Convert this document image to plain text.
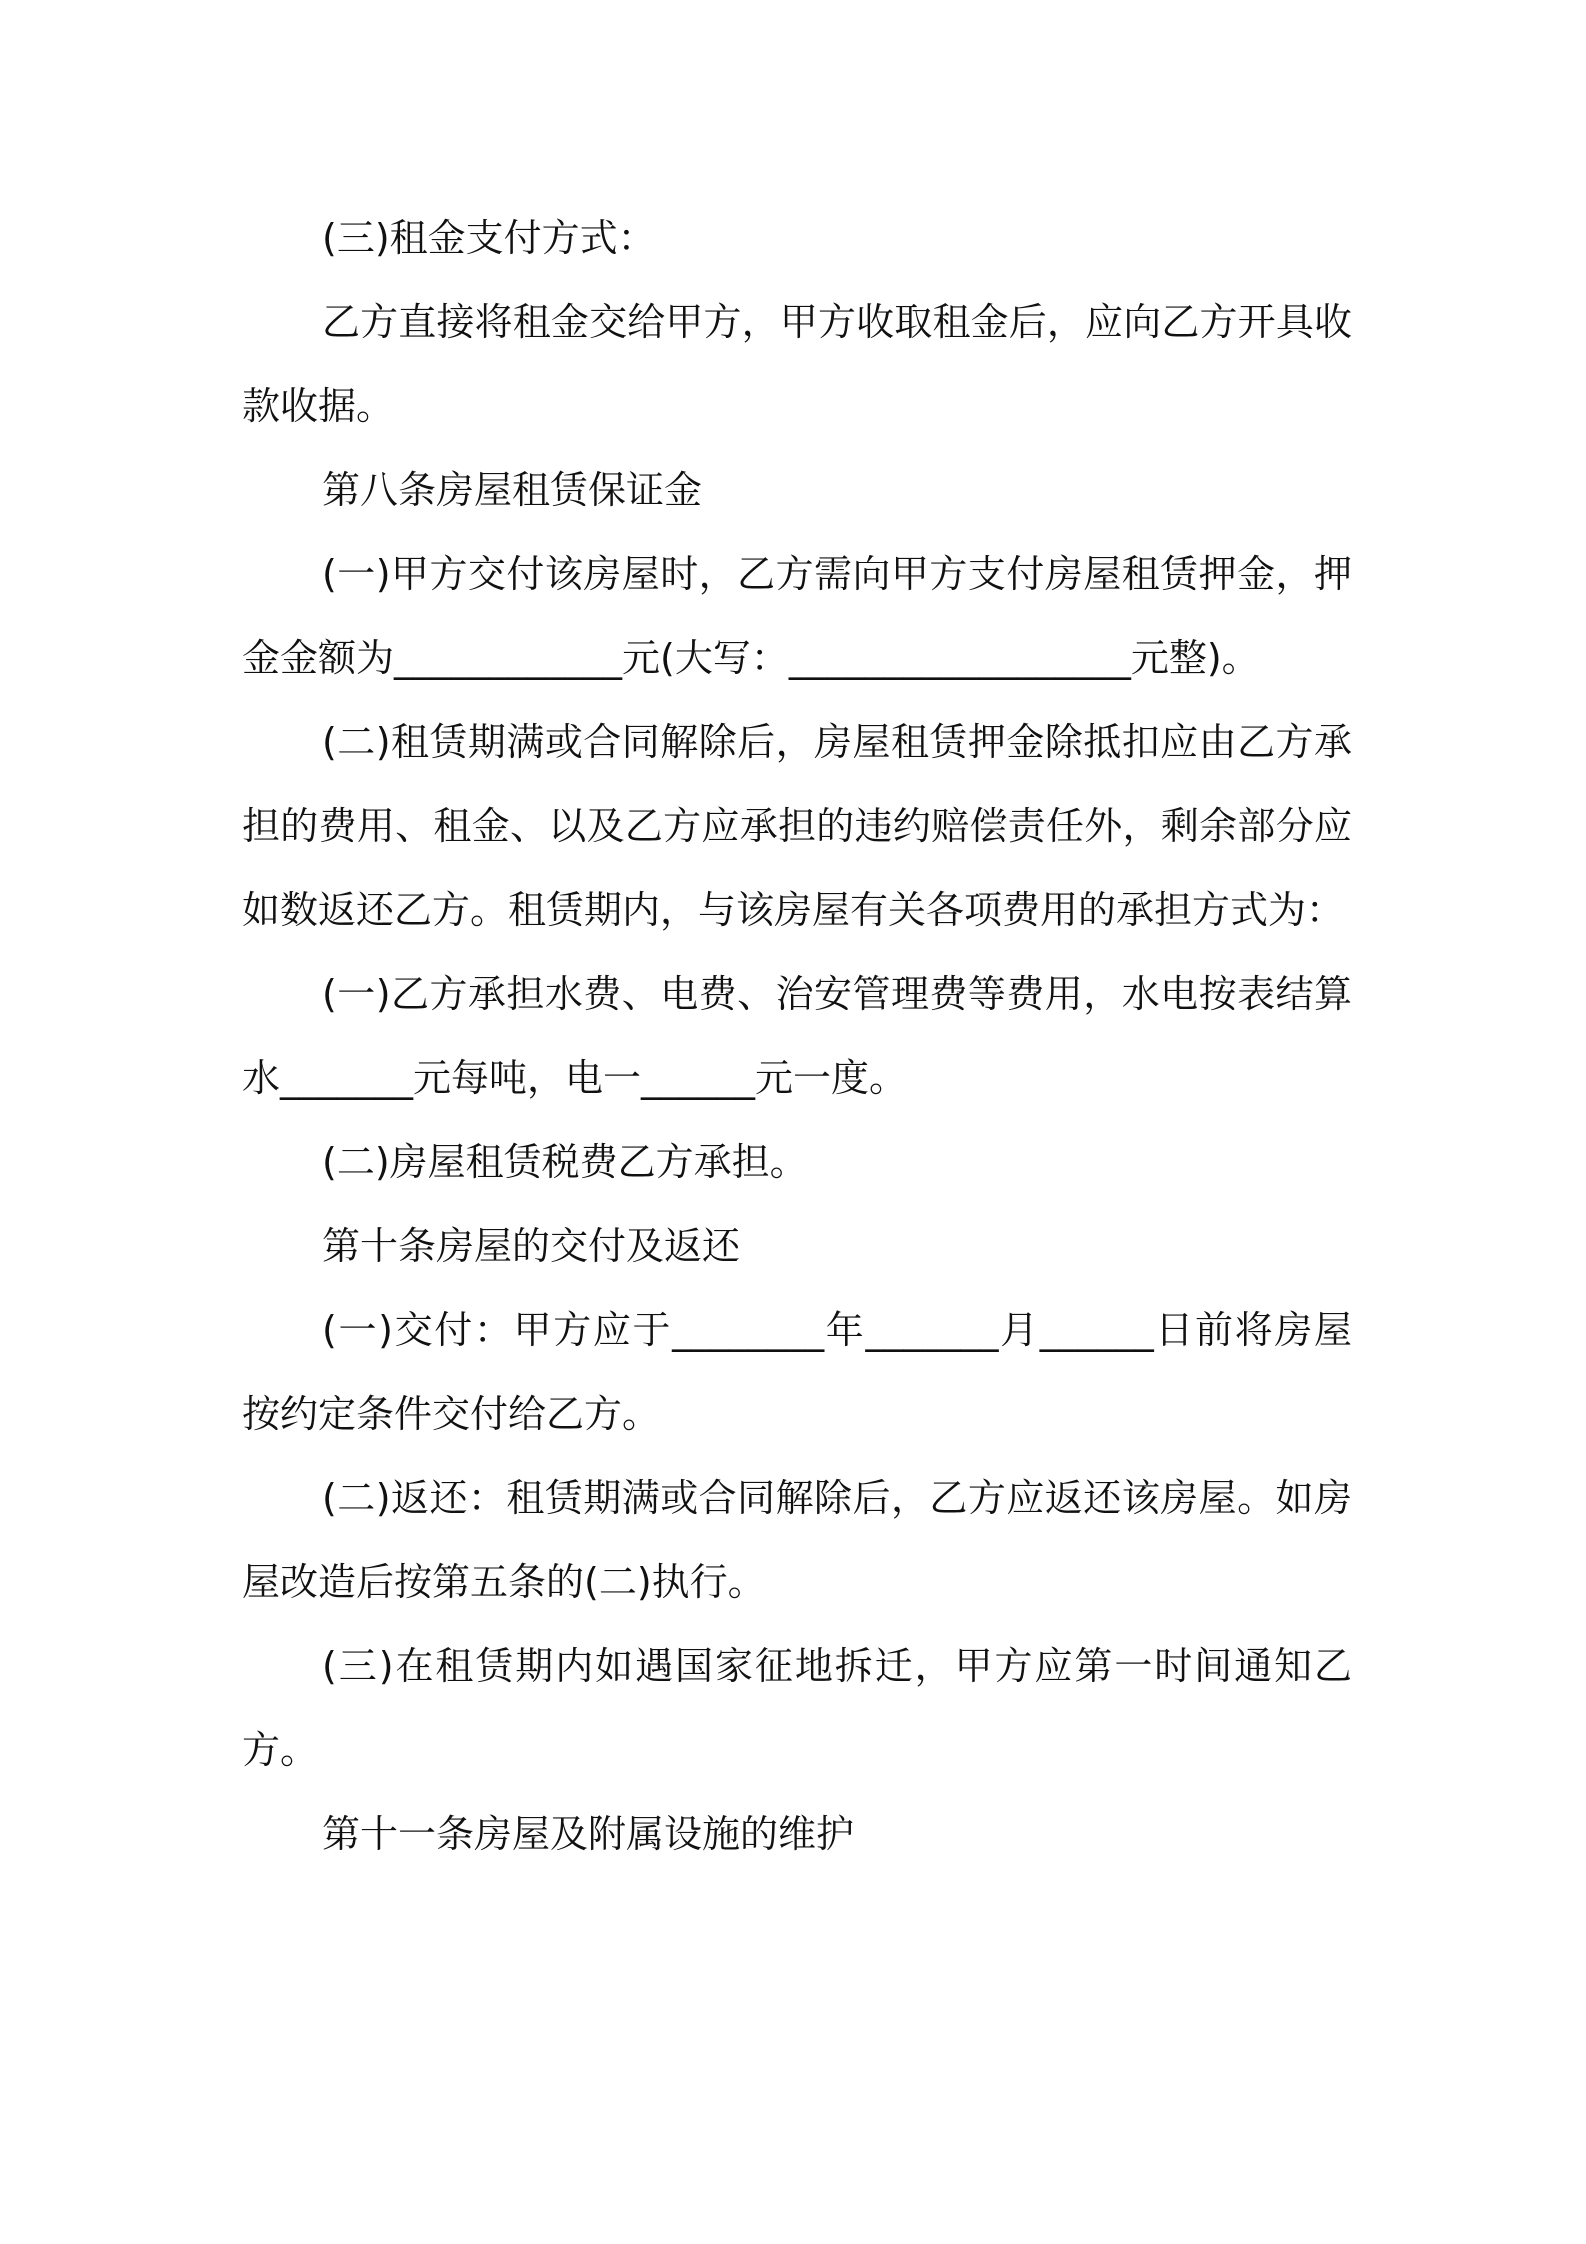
(三)租金支付方式：

乙方直接将租金交给甲方，甲方收取租金后，应向乙方开具收款收据。

第八条房屋租赁保证金

(一)甲方交付该房屋时，乙方需向甲方支付房屋租赁押金，押金金额为____________元(大写：__________________元整)。

(二)租赁期满或合同解除后，房屋租赁押金除抵扣应由乙方承担的费用、租金、以及乙方应承担的违约赔偿责任外，剩余部分应如数返还乙方。租赁期内，与该房屋有关各项费用的承担方式为：

(一)乙方承担水费、电费、治安管理费等费用，水电按表结算水_______元每吨，电一______元一度。

(二)房屋租赁税费乙方承担。

第十条房屋的交付及返还

(一)交付：甲方应于________年_______月______日前将房屋按约定条件交付给乙方。

(二)返还：租赁期满或合同解除后，乙方应返还该房屋。如房屋改造后按第五条的(二)执行。

(三)在租赁期内如遇国家征地拆迁，甲方应第一时间通知乙方。

第十一条房屋及附属设施的维护
